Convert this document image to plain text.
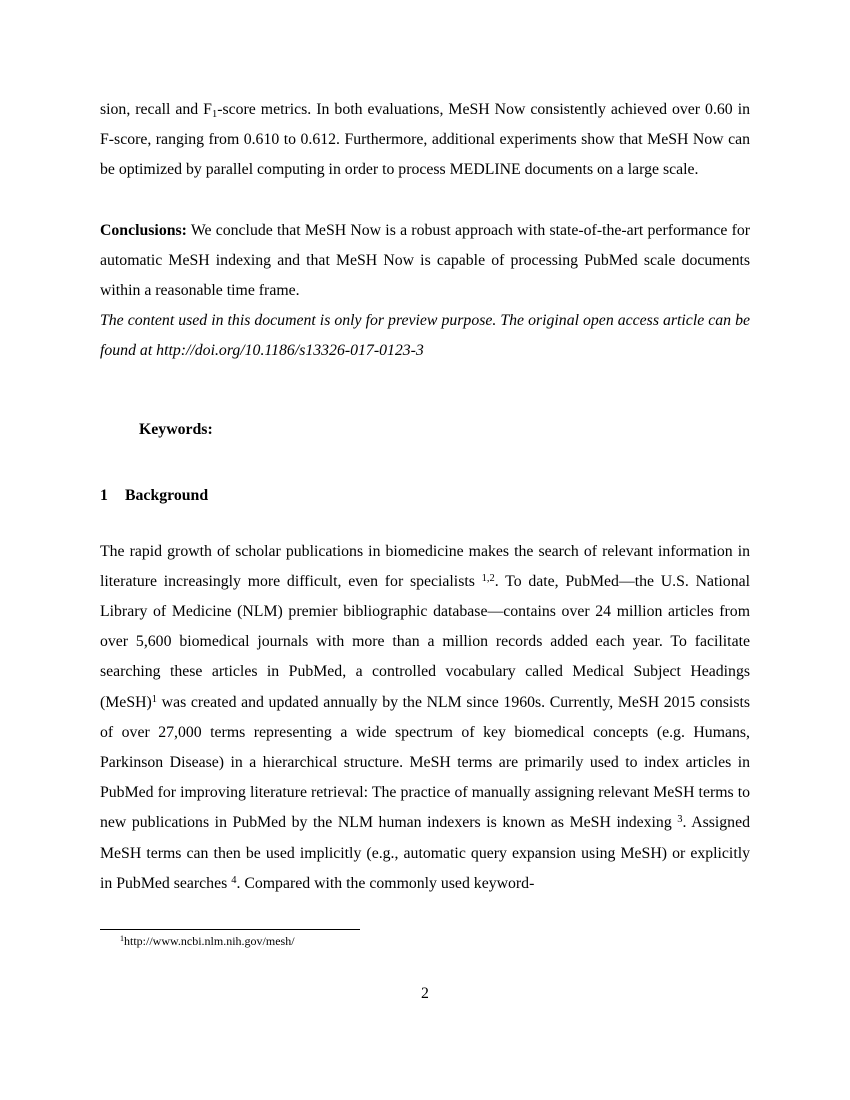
sion, recall and $F_1$-score metrics. In both evaluations, MeSH Now consistently achieved over 0.60 in F-score, ranging from 0.610 to 0.612. Furthermore, additional experiments show that MeSH Now can be optimized by parallel computing in order to process MEDLINE documents on a large scale.

Conclusions: We conclude that MeSH Now is a robust approach with state-of-the-art performance for automatic MeSH indexing and that MeSH Now is capable of processing PubMed scale documents within a reasonable time frame.

The content used in this document is only for preview purpose. The original open access article can be found at http://doi.org/10.1186/s13326-017-0123-3

Keywords:
1 Background

The rapid growth of scholar publications in biomedicine makes the search of relevant information in literature increasingly more difficult, even for specialists $^{1,2}$. To date, PubMed—the U.S. National Library of Medicine (NLM) premier bibliographic database—contains over 24 million articles from over 5,600 biomedical journals with more than a million records added each year. To facilitate searching these articles in PubMed, a controlled vocabulary called Medical Subject Headings (MeSH)$^1$ was created and updated annually by the NLM since 1960s. Currently, MeSH 2015 consists of over 27,000 terms representing a wide spectrum of key biomedical concepts (e.g. Humans, Parkinson Disease) in a hierarchical structure. MeSH terms are primarily used to index articles in PubMed for improving literature retrieval: The practice of manually assigning relevant MeSH terms to new publications in PubMed by the NLM human indexers is known as MeSH indexing $^3$. Assigned MeSH terms can then be used implicitly (e.g., automatic query expansion using MeSH) or explicitly in PubMed searches $^4$. Compared with the commonly used keyword-

$^1$http://www.ncbi.nlm.nih.gov/mesh/
2
